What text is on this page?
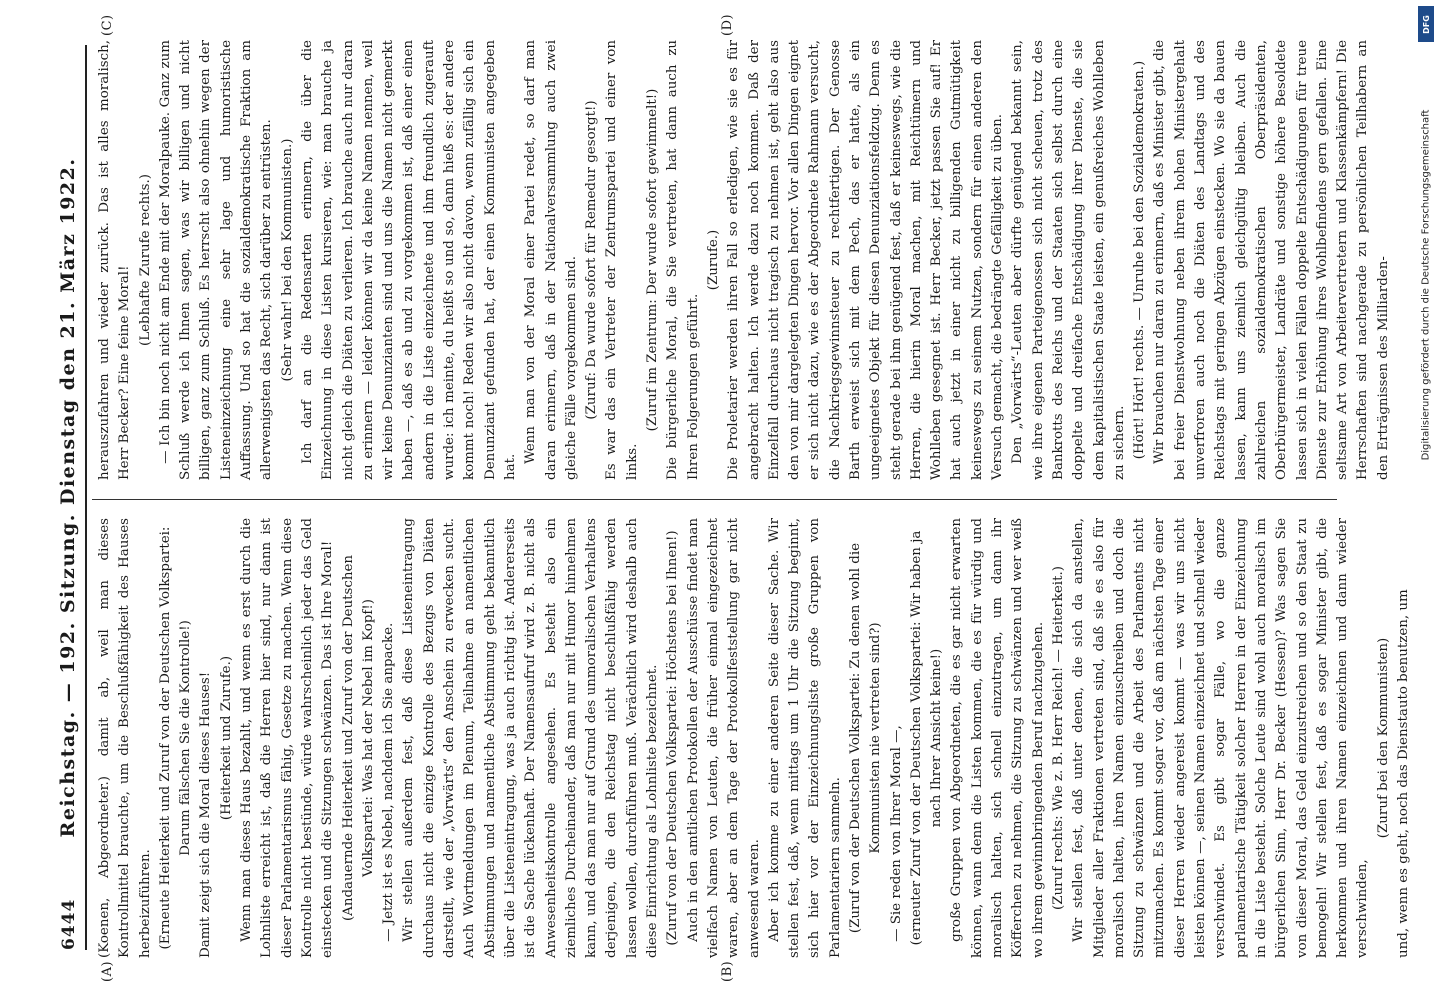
DFG
Digitalisierung gefördert durch die Deutsche Forschungsgemeinschaft
6444
Reichstag. — 192. Sitzung. Dienstag den 21. März 1922.
(A)	(B)
(C)	(D)

(Koenen, Abgeordneter.) damit ab, weil man dieses Kontrollmittel brauchte, um die Beschlußfähigkeit des Hauses herbeizuführen. (Erneute Heiterkeit und Zuruf von der Deutschen Volkspartei: Darum fälschen Sie die Kontrolle!) Damit zeigt sich die Moral dieses Hauses! (Heiterkeit und Zurufe.) Wenn man dieses Haus bezahlt, und wenn es erst durch die Lohnliste erreicht ist, daß die Herren hier sind, nur dann ist dieser Parlamentarismus fähig, Gesetze zu machen. Wenn diese Kontrolle nicht bestünde, würde wahrscheinlich jeder das Geld einstecken und die Sitzungen schwänzen. Das ist Ihre Moral! (Andauernde Heiterkeit und Zuruf von der Deutschen Volkspartei: Was hat der Nebel im Kopf!) — Jetzt ist es Nebel, nachdem ich Sie anpacke. Wir stellen außerdem fest, daß diese Listeneintragung durchaus nicht die einzige Kontrolle des Bezugs von Diäten darstellt, wie der „Vorwärts“ den Anschein zu erwecken sucht. Auch Wortmeldungen im Plenum, Teilnahme an namentlichen Abstimmungen und namentliche Abstimmung geht bekanntlich über die Listeneintragung, was ja auch richtig ist. Andererseits ist die Sache lückenhaft. Der Namensaufruf wird z. B. nicht als Anwesenheitskontrolle angesehen. Es besteht also ein ziemliches Durcheinander, daß man nur mit Humor hinnehmen kann, und das man nur auf Grund des unmoralischen Verhaltens derjenigen, die den Reichstag nicht beschlußfähig werden lassen wollen, durchführen muß. Verächtlich wird deshalb auch diese Einrichtung als Lohnliste bezeichnet. (Zuruf von der Deutschen Volkspartei: Höchstens bei Ihnen!) Auch in den amtlichen Protokollen der Ausschüsse findet man vielfach Namen von Leuten, die früher einmal eingezeichnet waren, aber an dem Tage der Protokollfeststellung gar nicht anwesend waren. Aber ich komme zu einer anderen Seite dieser Sache. Wir stellen fest, daß, wenn mittags um 1 Uhr die Sitzung beginnt, sich hier vor der Einzeichnungsliste große Gruppen von Parlamentariern sammeln. (Zuruf von der Deutschen Volkspartei: Zu denen wohl die Kommunisten nie vertreten sind?) — Sie reden von Ihrer Moral —, (erneuter Zuruf von der Deutschen Volkspartei: Wir haben ja nach Ihrer Ansicht keine!) große Gruppen von Abgeordneten, die es gar nicht erwarten können, wann denn die Listen kommen, die es für würdig und moralisch halten, sich schnell einzutragen, um dann ihr Köfferchen zu nehmen, die Sitzung zu schwänzen und wer weiß wo ihrem gewinnbringenden Beruf nachzugehen. (Zuruf rechts: Wie z. B. Herr Reich! — Heiterkeit.) Wir stellen fest, daß unter denen, die sich da anstellen, Mitglieder aller Fraktionen vertreten sind, daß sie es also für moralisch halten, ihren Namen einzuschreiben und doch die Sitzung zu schwänzen und die Arbeit des Parlaments nicht mitzumachen. Es kommt sogar vor, daß am nächsten Tage einer dieser Herren wieder angereist kommt — was wir uns nicht leisten können —, seinen Namen einzeichnet und schnell wieder verschwindet. Es gibt sogar Fälle, wo die ganze parlamentarische Tätigkeit solcher Herren in der Einzeichnung in die Liste besteht. Solche Leute sind wohl auch moralisch im bürgerlichen Sinn, Herr Dr. Becker (Hessen)? Was sagen Sie von dieser Moral, das Geld einzustreichen und so den Staat zu bemogeln! Wir stellen fest, daß es sogar Minister gibt, die herkommen und ihren Namen einzeichnen und dann wieder verschwinden,

(Zuruf bei den Kommunisten) und, wenn es geht, noch das Dienstauto benutzen, um

herauszufahren und wieder zurück. Das ist alles moralisch, Herr Becker? Eine feine Moral!

(Lebhafte Zurufe rechts.) — Ich bin noch nicht am Ende mit der Moralpauke. Ganz zum Schluß werde ich Ihnen sagen, was wir billigen und nicht billigen, ganz zum Schluß. Es herrscht also ohnehin wegen der Listeneinzeichnung eine sehr lage und humoristische Auffassung. Und so hat die sozialdemokratische Fraktion am allerwenigsten das Recht, sich darüber zu entrüsten. (Sehr wahr! bei den Kommunisten.) Ich darf an die Redensarten erinnern, die über die Einzeichnung in diese Listen kursieren, wie: man brauche ja nicht gleich die Diäten zu verlieren. Ich brauche auch nur daran zu erinnern — leider können wir da keine Namen nennen, weil wir keine Denunzianten sind und uns die Namen nicht gemerkt haben —, daß es ab und zu vorgekommen ist, daß einer einen andern in die Liste einzeichnete und ihm freundlich zugerauft wurde: ich meinte, du heißt so und so, dann hieß es: der andere kommt noch! Reden wir also nicht davon, wenn zufällig sich ein Denunziant gefunden hat, der einen Kommunisten angegeben hat.

Wenn man von der Moral einer Partei redet, so darf man daran erinnern, daß in der Nationalversammlung auch zwei gleiche Fälle vorgekommen sind. (Zuruf: Da wurde sofort für Remedur gesorgt!) Es war das ein Vertreter der Zentrumspartei und einer von links.

(Zuruf im Zentrum: Der wurde sofort gewimmelt!) Die bürgerliche Moral, die Sie vertreten, hat dann auch zu Ihren Folgerungen geführt.

(Zurufe.) Die Proletarier werden ihren Fall so erledigen, wie sie es für angebracht halten. Ich werde dazu noch kommen. Daß der Einzelfall durchaus nicht tragisch zu nehmen ist, geht also aus den von mir dargelegten Dingen hervor. Vor allen Dingen eignet er sich nicht dazu, wie es der Abgeordnete Rahmann versucht, die Nachkriegsgewinnsteuer zu rechtfertigen. Der Genosse Barth erweist sich mit dem Pech, das er hatte, als ein ungeeignetes Objekt für diesen Denunziationsfeldzug. Denn es steht gerade bei ihm genügend fest, daß er keineswegs, wie die Herren, die hierin Moral machen, mit Reichtümern und Wohlleben gesegnet ist. Herr Becker, jetzt passen Sie auf! Er hat auch jetzt in einer nicht zu billigenden Gutmütigkeit keineswegs zu seinem Nutzen, sondern für einen anderen den Versuch gemacht, die bedrängte Gefälligkeit zu üben. Den „Vorwärts“-Leuten aber dürfte genügend bekannt sein, wie ihre eigenen Parteigenossen sich nicht scheuen, trotz des Bankrotts des Reichs und der Staaten sich selbst durch eine doppelte und dreifache Entschädigung ihrer Dienste, die sie dem kapitalistischen Staate leisten, ein genußreiches Wohlleben zu sichern. (Hört! Hört! rechts. — Unruhe bei den Sozialdemokraten.) Wir brauchen nur daran zu erinnern, daß es Minister gibt, die bei freier Dienstwohnung neben ihrem hohen Ministergehalt unverfroren auch noch die Diäten des Landtags und des Reichstags mit geringen Abzügen einstecken. Wo sie da bauen lassen, kann uns ziemlich gleichgültig bleiben. Auch die zahlreichen sozialdemokratischen Oberpräsidenten, Oberbürgermeister, Landräte und sonstige höhere Besoldete lassen sich in vielen Fällen doppelte Entschädigungen für treue Dienste zur Erhöhung ihres Wohlbefindens gern gefallen. Eine seltsame Art von Arbeitervertretern und Klassenkämpfern! Die Herrschaften sind nachgerade zu persönlichen Teilhabern an den Erträgnissen des Milliarden-
